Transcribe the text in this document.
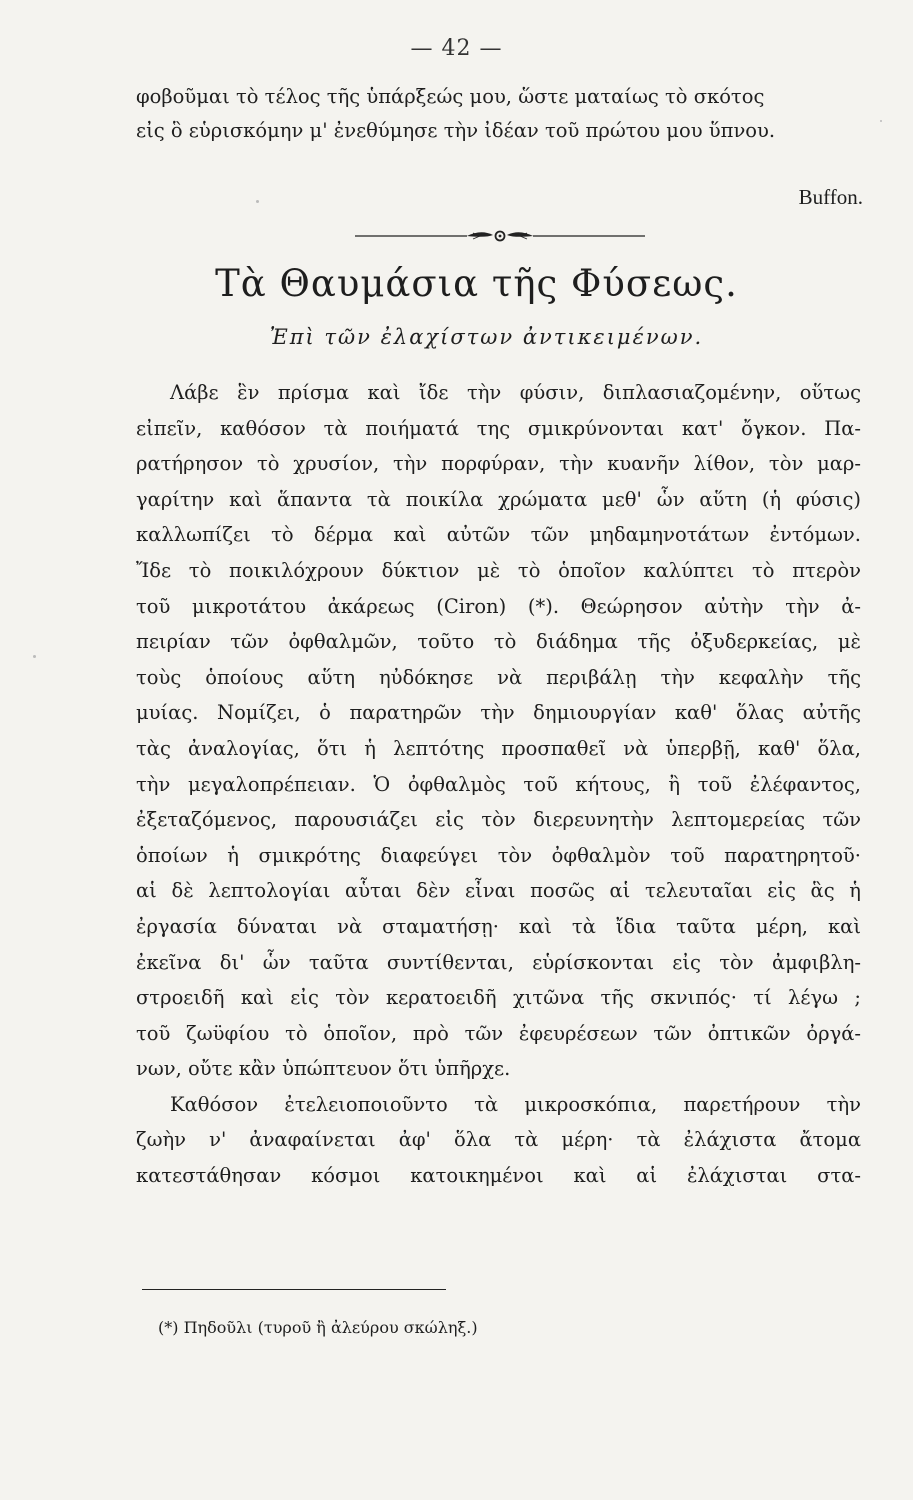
— 42 —
φοβοῦμαι τὸ τέλος τῆς ὑπάρξεώς μου, ὥστε ματαίως τὸ σκότος
εἰς ὃ εὑρισκόμην μ' ἐνεθύμησε τὴν ἰδέαν τοῦ πρώτου μου ὕπνου.
Buffon.
Τὰ Θαυμάσια τῆς Φύσεως.
Ἐπὶ τῶν ἐλαχίστων ἀντικειμένων.
Λάβε ἓν πρίσμα καὶ ἴδε τὴν φύσιν, διπλασιαζομένην, οὕτως
εἰπεῖν, καθόσον τὰ ποιήματά της σμικρύνονται κατ' ὄγκον. Πα-
ρατήρησον τὸ χρυσίον, τὴν πορφύραν, τὴν κυανῆν λίθον, τὸν μαρ-
γαρίτην καὶ ἅπαντα τὰ ποικίλα χρώματα μεθ' ὧν αὕτη (ἡ φύσις)
καλλωπίζει τὸ δέρμα καὶ αὐτῶν τῶν μηδαμηνοτάτων ἐντόμων.
Ἴδε τὸ ποικιλόχρουν δύκτιον μὲ τὸ ὁποῖον καλύπτει τὸ πτερὸν
τοῦ μικροτάτου ἀκάρεως (Ciron) (*). Θεώρησον αὐτὴν τὴν ἀ-
πειρίαν τῶν ὀφθαλμῶν, τοῦτο τὸ διάδημα τῆς ὀξυδερκείας, μὲ
τοὺς ὁποίους αὕτη ηὐδόκησε νὰ περιβάλῃ τὴν κεφαλὴν τῆς
μυίας. Νομίζει, ὁ παρατηρῶν τὴν δημιουργίαν καθ' ὅλας αὐτῆς
τὰς ἀναλογίας, ὅτι ἡ λεπτότης προσπαθεῖ νὰ ὑπερβῇ, καθ' ὅλα,
τὴν μεγαλοπρέπειαν. Ὁ ὀφθαλμὸς τοῦ κήτους, ἢ τοῦ ἐλέφαντος,
ἐξεταζόμενος, παρουσιάζει εἰς τὸν διερευνητὴν λεπτομερείας τῶν
ὁποίων ἡ σμικρότης διαφεύγει τὸν ὀφθαλμὸν τοῦ παρατηρητοῦ·
αἱ δὲ λεπτολογίαι αὗται δὲν εἶναι ποσῶς αἱ τελευταῖαι εἰς ἃς ἡ
ἐργασία δύναται νὰ σταματήσῃ· καὶ τὰ ἴδια ταῦτα μέρη, καὶ
ἐκεῖνα δι' ὧν ταῦτα συντίθενται, εὑρίσκονται εἰς τὸν ἀμφιβλη-
στροειδῆ καὶ εἰς τὸν κερατοειδῆ χιτῶνα τῆς σκνιπός· τί λέγω ;
τοῦ ζωϋφίου τὸ ὁποῖον, πρὸ τῶν ἐφευρέσεων τῶν ὀπτικῶν ὀργά-
νων, οὔτε κἂν ὑπώπτευον ὅτι ὑπῆρχε.
Καθόσον ἐτελειοποιοῦντο τὰ μικροσκόπια, παρετήρουν τὴν
ζωὴν ν' ἀναφαίνεται ἀφ' ὅλα τὰ μέρη· τὰ ἐλάχιστα ἄτομα
κατεστάθησαν κόσμοι κατοικημένοι καὶ αἱ ἐλάχισται στα-
(*) Πηδοῦλι (τυροῦ ἢ ἀλεύρου σκώληξ.)
